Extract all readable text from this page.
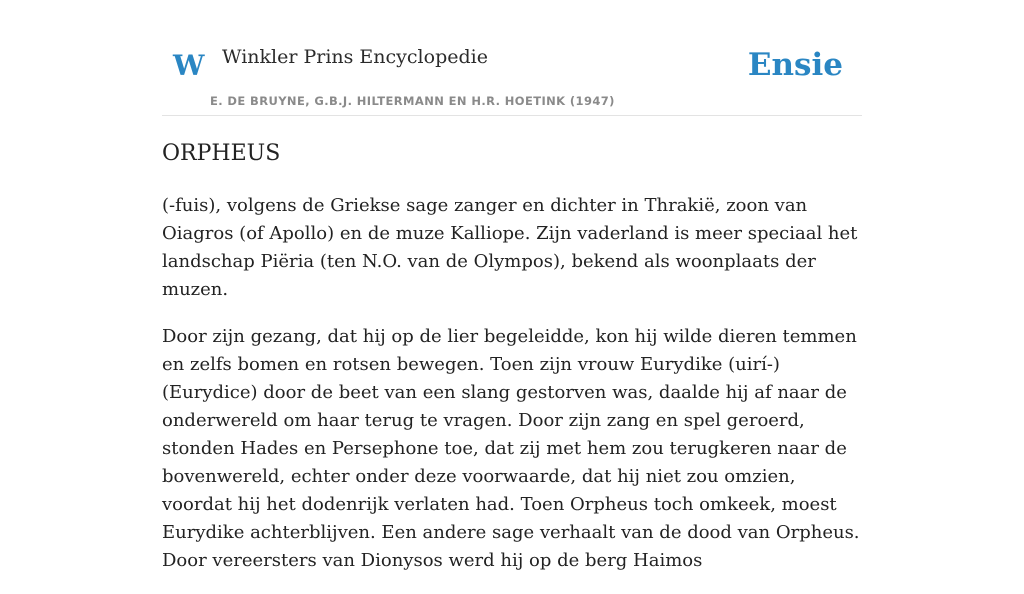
W Winkler Prins Encyclopedie
E. DE BRUYNE, G.B.J. HILTERMANN EN H.R. HOETINK (1947)
Ensie
ORPHEUS

(-fuis), volgens de Griekse sage zanger en dichter in Thrakië, zoon van Oiagros (of Apollo) en de muze Kalliope. Zijn vaderland is meer speciaal het landschap Piëria (ten N.O. van de Olympos), bekend als woonplaats der muzen.

Door zijn gezang, dat hij op de lier begeleidde, kon hij wilde dieren temmen en zelfs bomen en rotsen bewegen. Toen zijn vrouw Eurydike (uirí-) (Eurydice) door de beet van een slang gestorven was, daalde hij af naar de onderwereld om haar terug te vragen. Door zijn zang en spel geroerd, stonden Hades en Persephone toe, dat zij met hem zou terugkeren naar de bovenwereld, echter onder deze voorwaarde, dat hij niet zou omzien, voordat hij het dodenrijk verlaten had. Toen Orpheus toch omkeek, moest Eurydike achterblijven. Een andere sage verhaalt van de dood van Orpheus. Door vereersters van Dionysos werd hij op de berg Haimos
